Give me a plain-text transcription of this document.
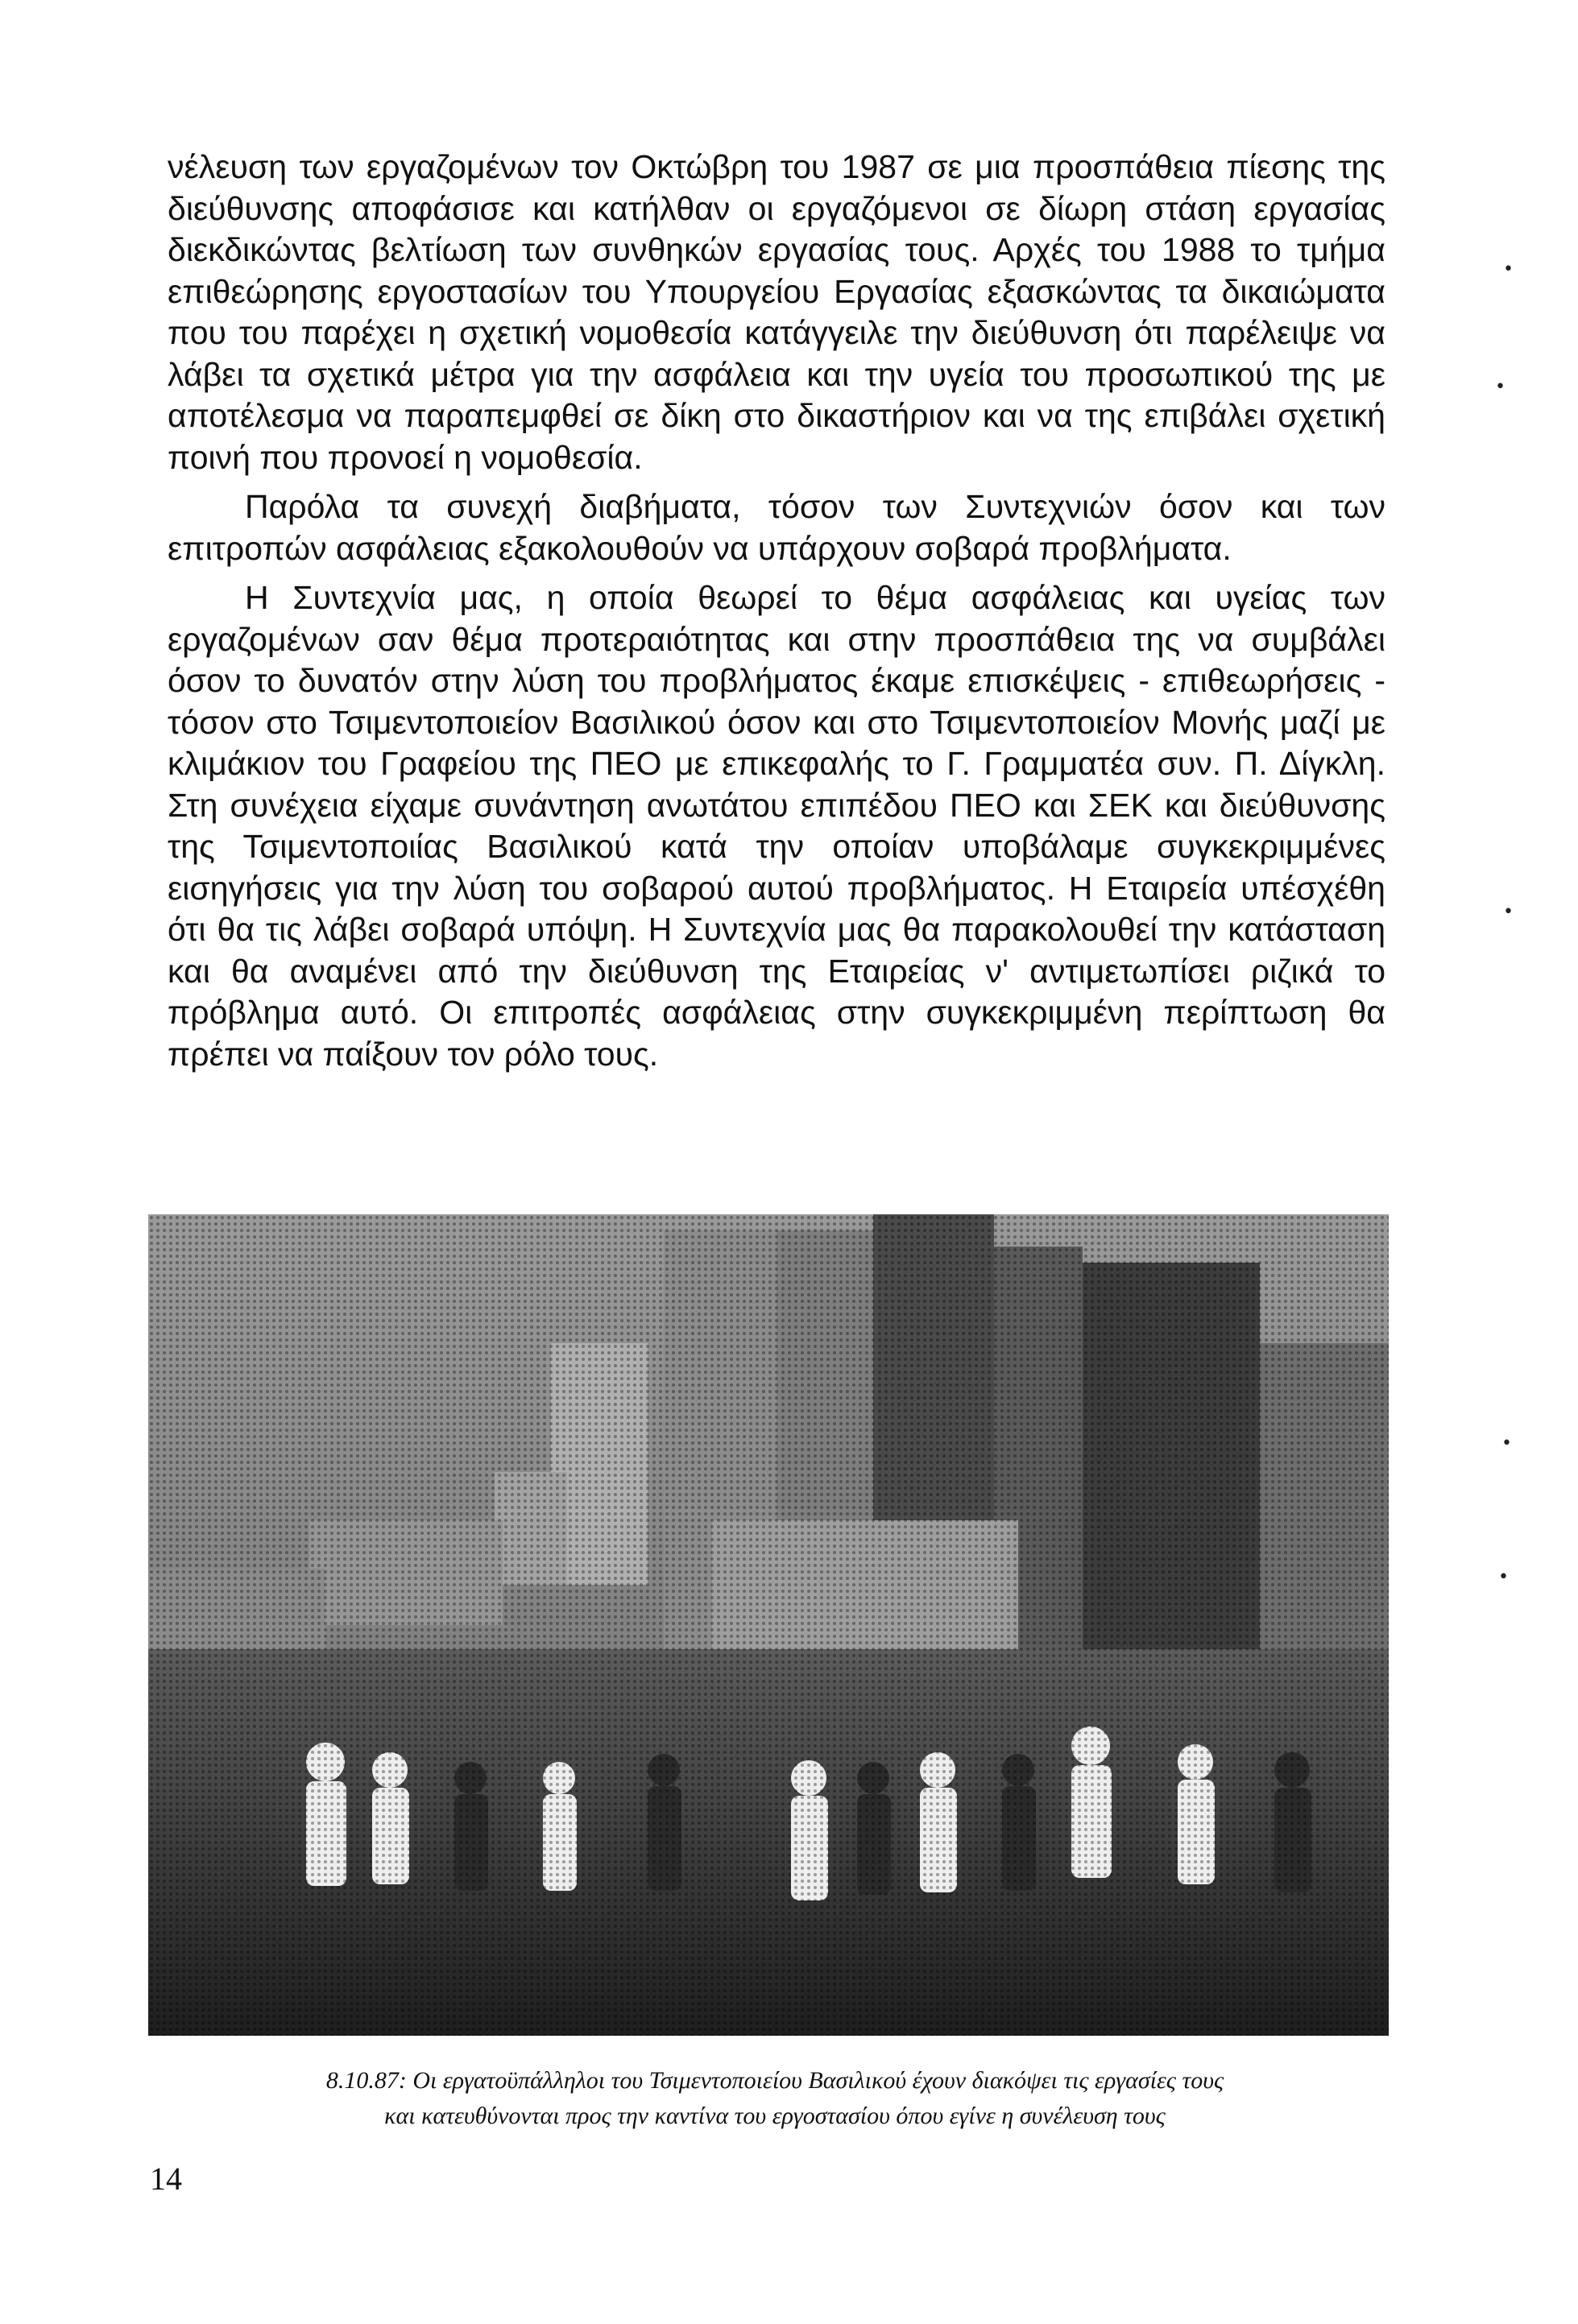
νέλευση των εργαζομένων τον Οκτώβρη του 1987 σε μια προσπάθεια πίεσης της διεύθυνσης αποφάσισε και κατήλθαν οι εργαζόμενοι σε δίωρη στάση εργασίας διεκδικώντας βελτίωση των συνθηκών εργασίας τους. Αρχές του 1988 το τμήμα επιθεώρησης εργοστασίων του Υπουργείου Εργασίας εξασκώντας τα δικαιώματα που του παρέχει η σχετική νομοθεσία κατάγγειλε την διεύθυνση ότι παρέλειψε να λάβει τα σχετικά μέτρα για την ασφάλεια και την υγεία του προσωπικού της με αποτέλεσμα να παραπεμφθεί σε δίκη στο δικαστήριον και να της επιβάλει σχετική ποινή που προνοεί η νομοθεσία.

Παρόλα τα συνεχή διαβήματα, τόσον των Συντεχνιών όσον και των επιτροπών ασφάλειας εξακολουθούν να υπάρχουν σοβαρά προβλήματα.

Η Συντεχνία μας, η οποία θεωρεί το θέμα ασφάλειας και υγείας των εργαζομένων σαν θέμα προτεραιότητας και στην προσπάθεια της να συμβάλει όσον το δυνατόν στην λύση του προβλήματος έκαμε επισκέψεις - επιθεωρήσεις - τόσον στο Τσιμεντοποιείον Βασιλικού όσον και στο Τσιμεντοποιείον Μονής μαζί με κλιμάκιον του Γραφείου της ΠΕΟ με επικεφαλής το Γ. Γραμματέα συν. Π. Δίγκλη. Στη συνέχεια είχαμε συνάντηση ανωτάτου επιπέδου ΠΕΟ και ΣΕΚ και διεύθυνσης της Τσιμεντοποιίας Βασιλικού κατά την οποίαν υποβάλαμε συγκεκριμμένες εισηγήσεις για την λύση του σοβαρού αυτού προβλήματος. Η Εταιρεία υπέσχέθη ότι θα τις λάβει σοβαρά υπόψη. Η Συντεχνία μας θα παρακολουθεί την κατάσταση και θα αναμένει από την διεύθυνση της Εταιρείας ν' αντιμετωπίσει ριζικά το πρόβλημα αυτό. Οι επιτροπές ασφάλειας στην συγκεκριμμένη περίπτωση θα πρέπει να παίξουν τον ρόλο τους.

8.10.87: Οι εργατοϋπάλληλοι του Τσιμεντοποιείου Βασιλικού έχουν διακόψει τις εργασίες τους
και κατευθύνονται προς την καντίνα του εργοστασίου όπου εγίνε η συνέλευση τους
14
•
•
•
•
•
